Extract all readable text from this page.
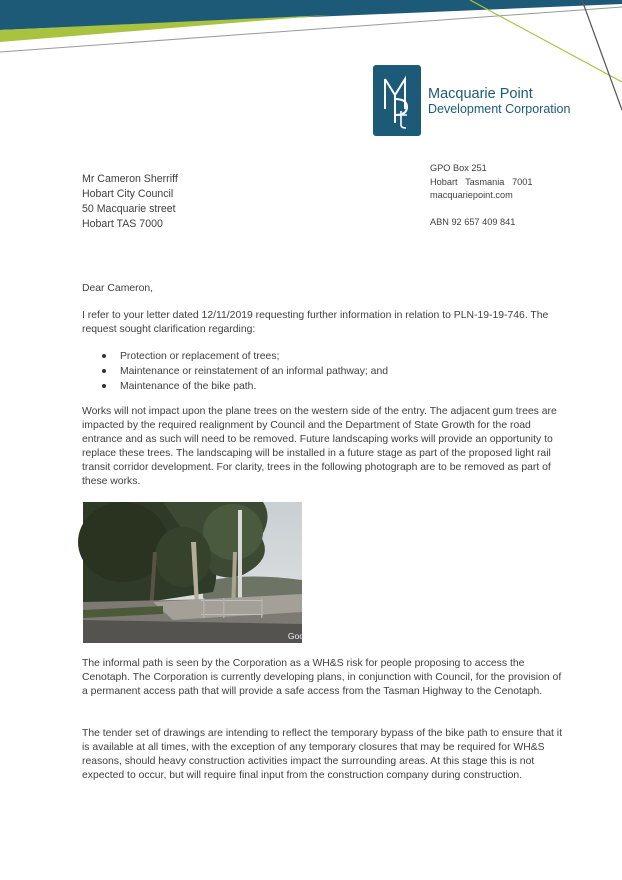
Macquarie Point
Development Corporation
GPO Box 251
Hobart   Tasmania   7001
macquariepoint.com
ABN 92 657 409 841
Mr Cameron Sherriff
Hobart City Council
50 Macquarie street
Hobart TAS 7000
Dear Cameron,
I refer to your letter dated 12/11/2019 requesting further information in relation to PLN-19-19-746. The request sought clarification regarding:
Protection or replacement of trees;
Maintenance or reinstatement of an informal pathway; and
Maintenance of the bike path.
Works will not impact upon the plane trees on the western side of the entry. The adjacent gum trees are impacted by the required realignment by Council and the Department of State Growth for the road entrance and as such will need to be removed. Future landscaping works will provide an opportunity to replace these trees. The landscaping will be installed in a future stage as part of the proposed light rail transit corridor development. For clarity, trees in the following photograph are to be removed as part of these works.
Goo
The informal path is seen by the Corporation as a WH&S risk for people proposing to access the Cenotaph. The Corporation is currently developing plans, in conjunction with Council, for the provision of a permanent access path that will provide a safe access from the Tasman Highway to the Cenotaph.
The tender set of drawings are intending to reflect the temporary bypass of the bike path to ensure that it is available at all times, with the exception of any temporary closures that may be required for WH&S reasons, should heavy construction activities impact the surrounding areas. At this stage this is not expected to occur, but will require final input from the construction company during construction.
